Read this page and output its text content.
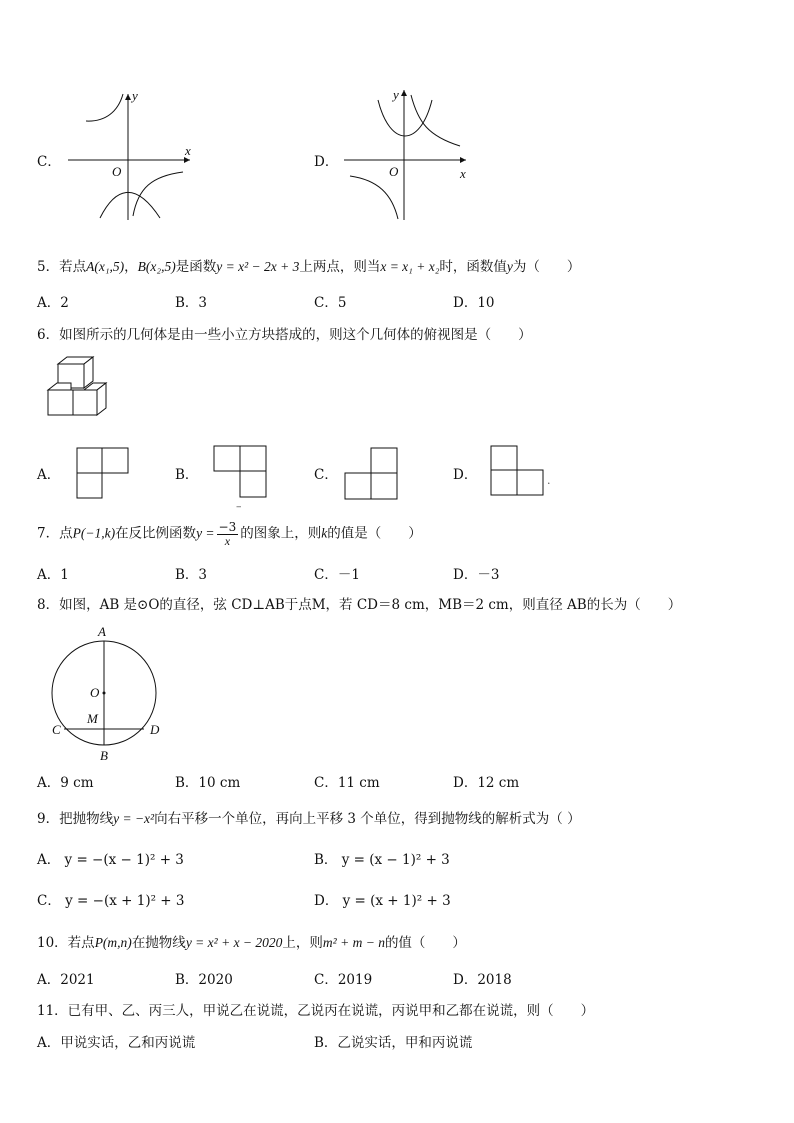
C．
y
x
O
D．
y
x
O
5．若点A(x₁,5)，B(x₂,5)是函数y = x² − 2x + 3上两点，则当x = x₁ + x₂时，函数值y为（　　）
A．2	B．3	C．5	D．10
6．如图所示的几何体是由一些小立方块搭成的，则这个几何体的俯视图是（　　）
A．	B．	C．	D．
–
.
7．点P(−1,k)在反比例函数$y = \frac{-3}{x}$ 的图象上，则k的值是（　　）
A．1	B．3	C．－1	D．－3
8．如图，AB 是⊙O的直径，弦 CD⊥AB于点M，若 CD＝8 cm，MB＝2 cm，则直径 AB的长为（　　）
A
O
M
C	D
B
A．9 cm	B．10 cm	C．11 cm	D．12 cm
9．把抛物线y = −x²向右平移一个单位，再向上平移 3 个单位，得到抛物线的解析式为（ ）
A． y = −(x − 1)² + 3	B． y = (x − 1)² + 3
C． y = −(x + 1)² + 3	D． y = (x + 1)² + 3
10．若点P(m,n)在抛物线y = x² + x − 2020上，则m² + m − n的值（　　）
A．2021	B．2020	C．2019	D．2018
11．已有甲、乙、丙三人，甲说乙在说谎，乙说丙在说谎，丙说甲和乙都在说谎，则（　　）
A．甲说实话，乙和丙说谎	B．乙说实话，甲和丙说谎
